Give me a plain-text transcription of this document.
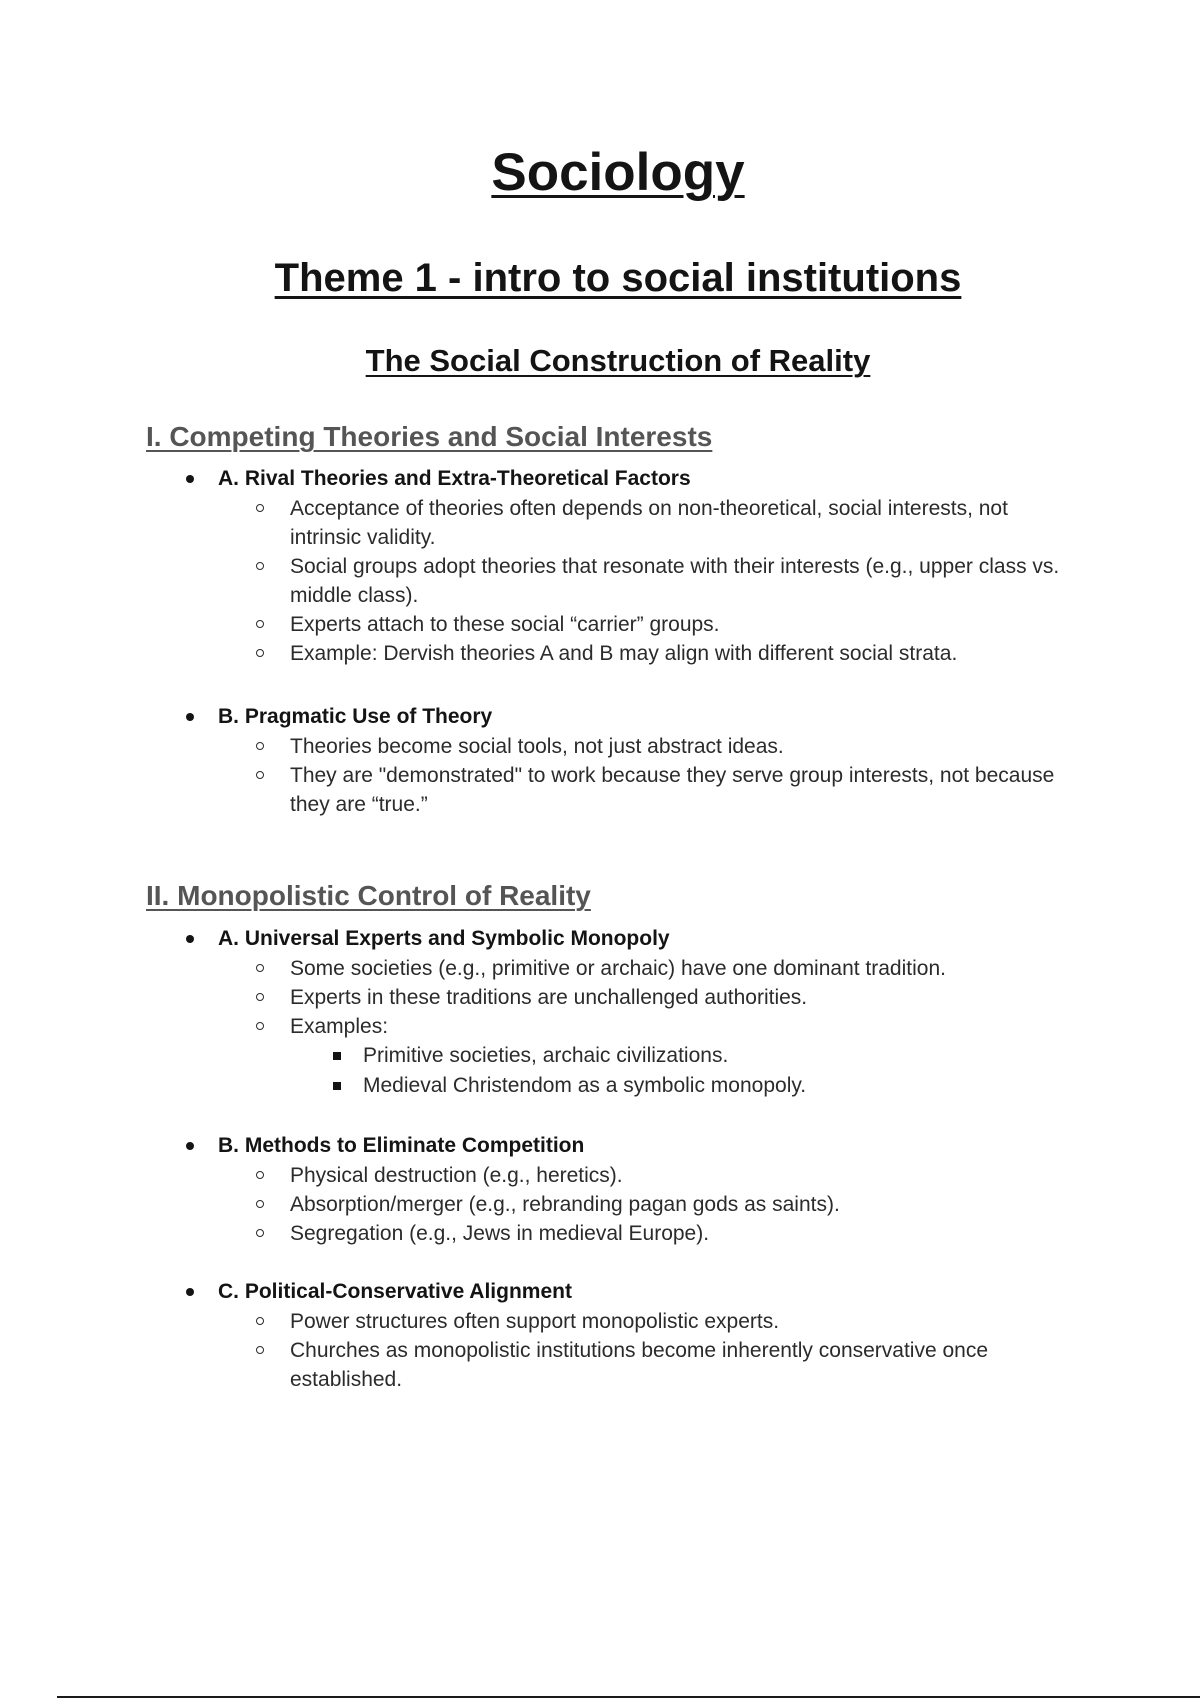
Sociology
Theme 1 - intro to social institutions
The Social Construction of Reality
I. Competing Theories and Social Interests
A. Rival Theories and Extra-Theoretical Factors
Acceptance of theories often depends on non-theoretical, social interests, not intrinsic validity.
Social groups adopt theories that resonate with their interests (e.g., upper class vs. middle class).
Experts attach to these social “carrier” groups.
Example: Dervish theories A and B may align with different social strata.
B. Pragmatic Use of Theory
Theories become social tools, not just abstract ideas.
They are "demonstrated" to work because they serve group interests, not because they are “true.”
II. Monopolistic Control of Reality
A. Universal Experts and Symbolic Monopoly
Some societies (e.g., primitive or archaic) have one dominant tradition.
Experts in these traditions are unchallenged authorities.
Examples:
Primitive societies, archaic civilizations.
Medieval Christendom as a symbolic monopoly.
B. Methods to Eliminate Competition
Physical destruction (e.g., heretics).
Absorption/merger (e.g., rebranding pagan gods as saints).
Segregation (e.g., Jews in medieval Europe).
C. Political-Conservative Alignment
Power structures often support monopolistic experts.
Churches as monopolistic institutions become inherently conservative once established.
